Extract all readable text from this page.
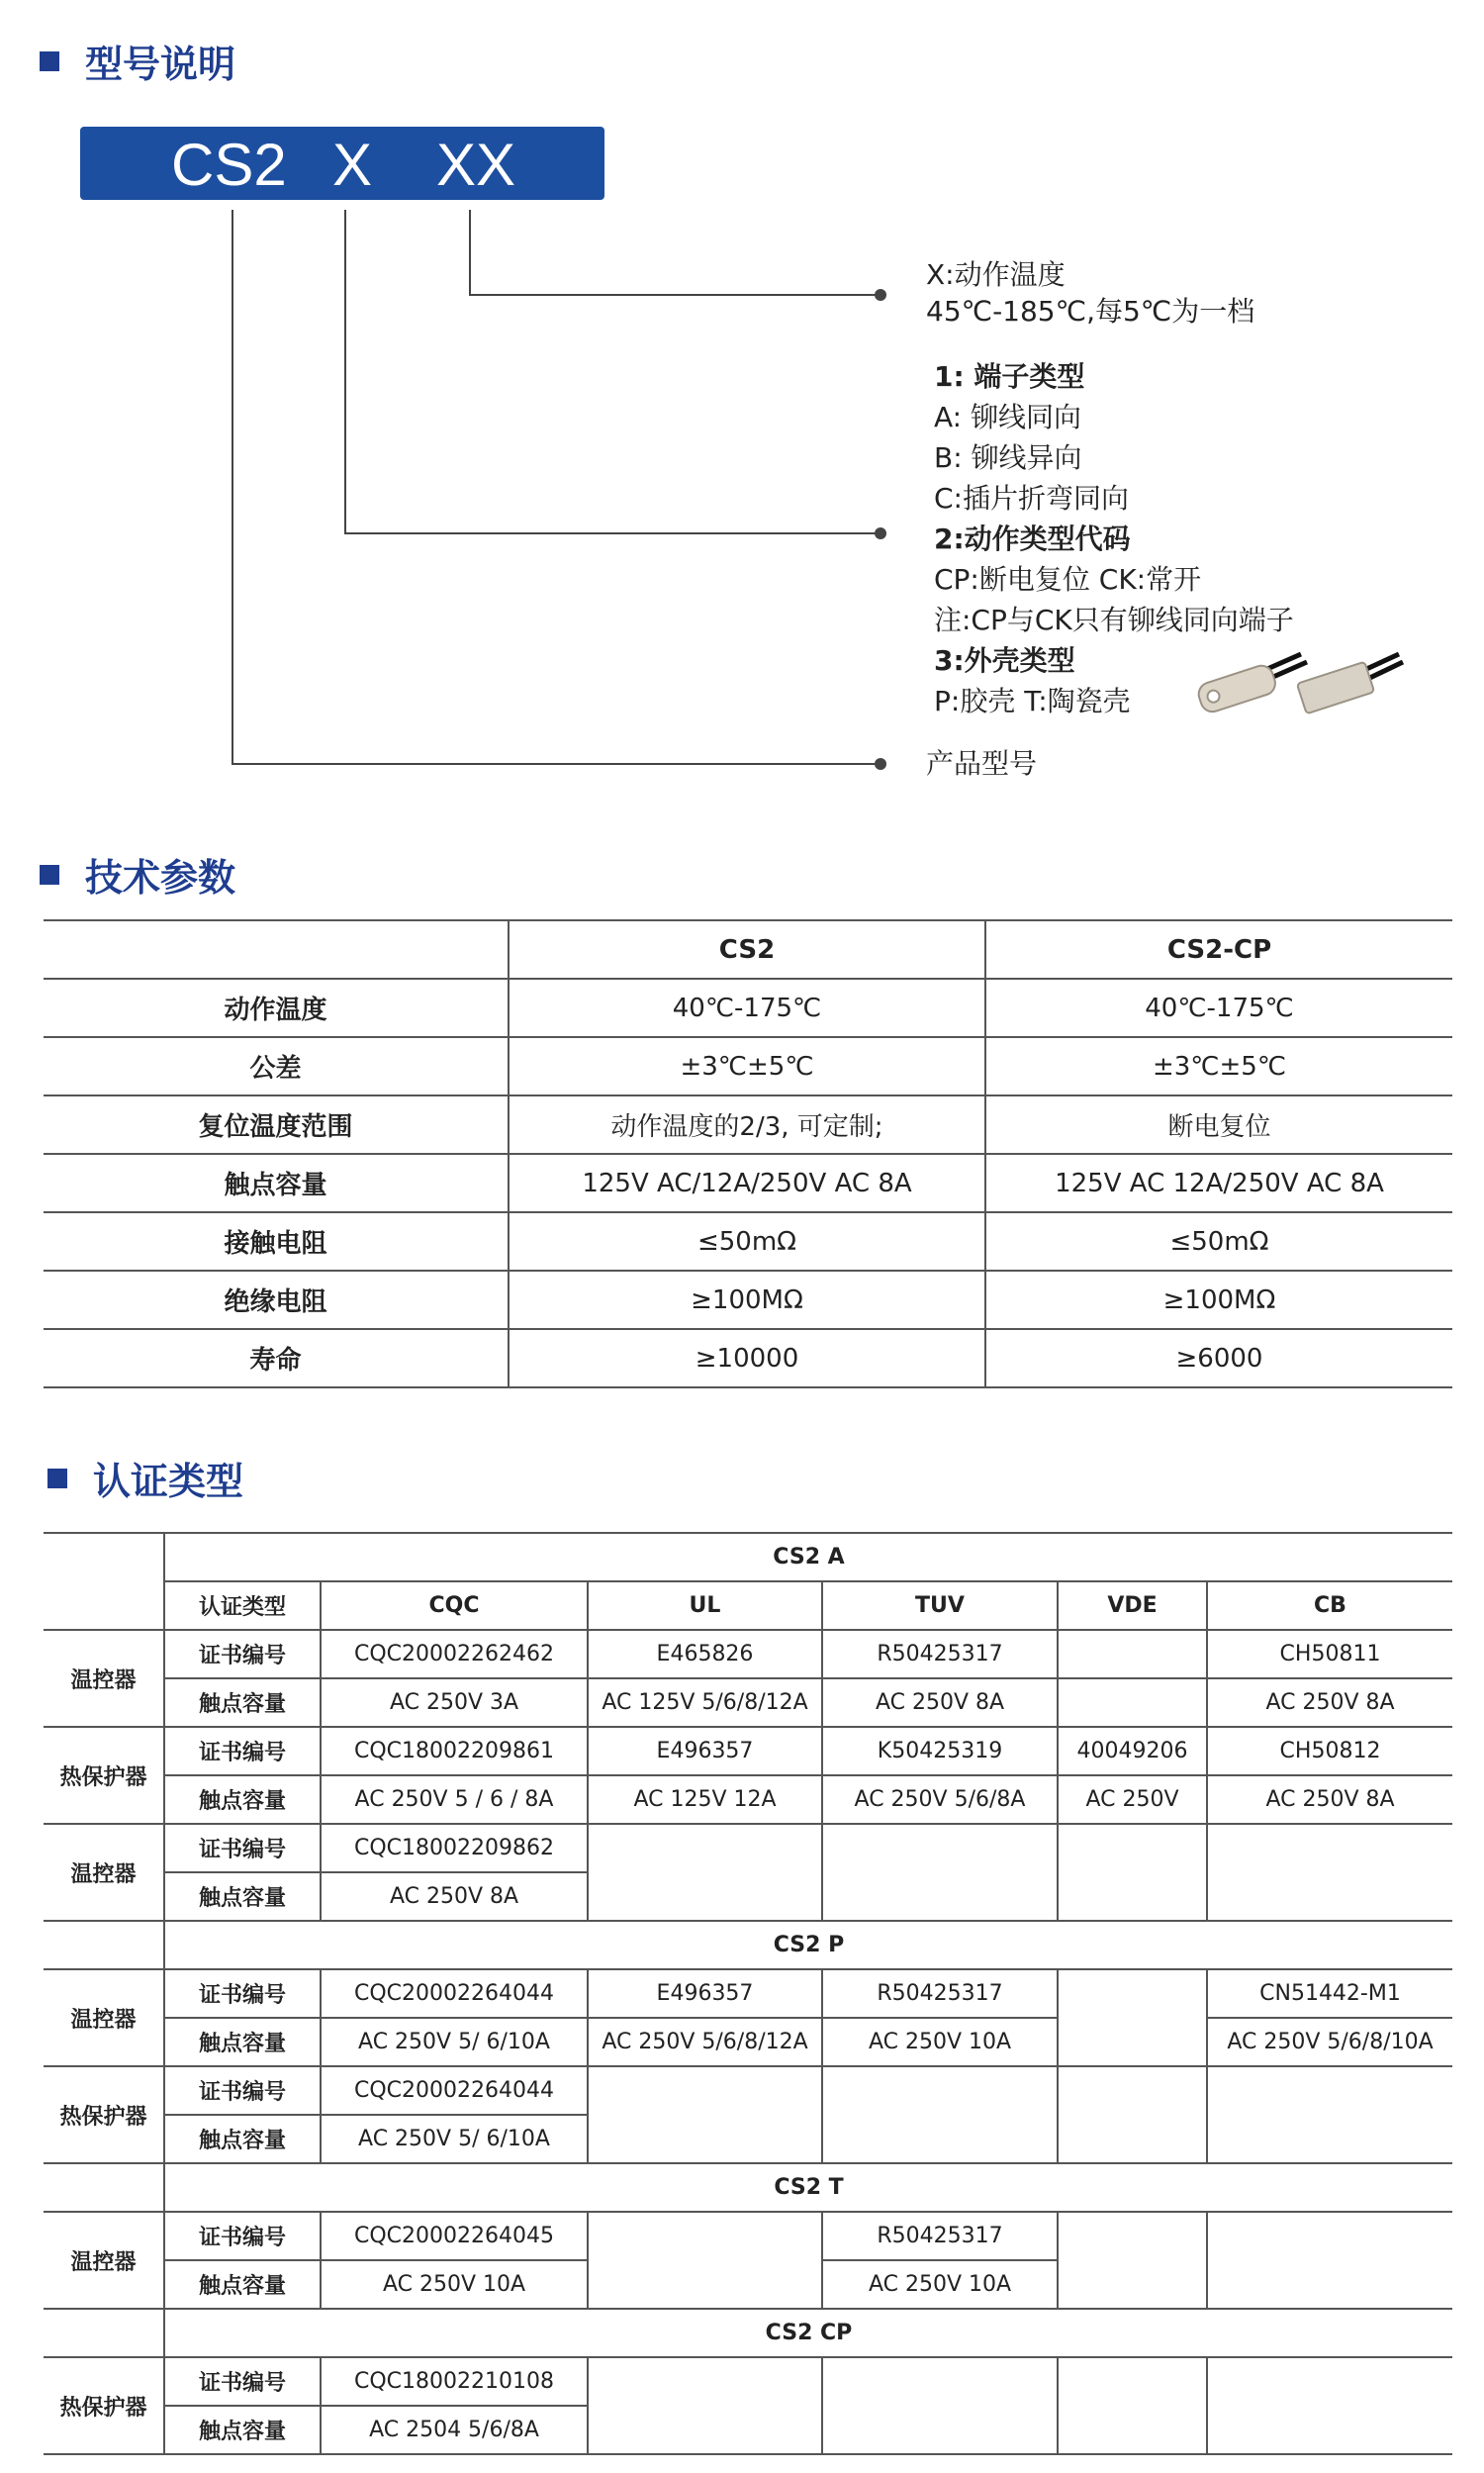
型号说明
CS2 X XX
X:动作温度
45℃-185℃,每5℃为一档
1: 端子类型
A: 铆线同向
B: 铆线异向
C:插片折弯同向
2:动作类型代码
CP:断电复位 CK:常开
注:CP与CK只有铆线同向端子
3:外壳类型
P:胶壳 T:陶瓷壳
产品型号
技术参数
	CS2	CS2-CP
动作温度	40℃-175℃	40℃-175℃
公差	±3℃±5℃	±3℃±5℃
复位温度范围	动作温度的2/3, 可定制;	断电复位
触点容量	125V AC/12A/250V AC 8A	125V AC 12A/250V AC 8A
接触电阻	≤50mΩ	≤50mΩ
绝缘电阻	≥100MΩ	≥100MΩ
寿命	≥10000	≥6000
认证类型
	CS2 A					
	认证类型	CQC	UL	TUV	VDE	CB
温控器	证书编号	CQC20002262462	E465826	R50425317		CH50811
	触点容量	AC 250V 3A	AC 125V 5/6/8/12A	AC 250V 8A		AC 250V 8A
热保护器	证书编号	CQC18002209861	E496357	K50425319	40049206	CH50812
	触点容量	AC 250V 5 / 6 / 8A	AC 125V 12A	AC 250V 5/6/8A	AC 250V	AC 250V 8A
温控器	证书编号	CQC18002209862				
	触点容量	AC 250V 8A				
	CS2 P					
温控器	证书编号	CQC20002264044	E496357	R50425317		CN51442-M1
	触点容量	AC 250V 5/ 6/10A	AC 250V 5/6/8/12A	AC 250V 10A		AC 250V 5/6/8/10A
热保护器	证书编号	CQC20002264044				
	触点容量	AC 250V 5/ 6/10A				
	CS2 T					
温控器	证书编号	CQC20002264045		R50425317		
	触点容量	AC 250V 10A		AC 250V 10A		
	CS2 CP					
热保护器	证书编号	CQC18002210108				
	触点容量	AC 2504 5/6/8A				
